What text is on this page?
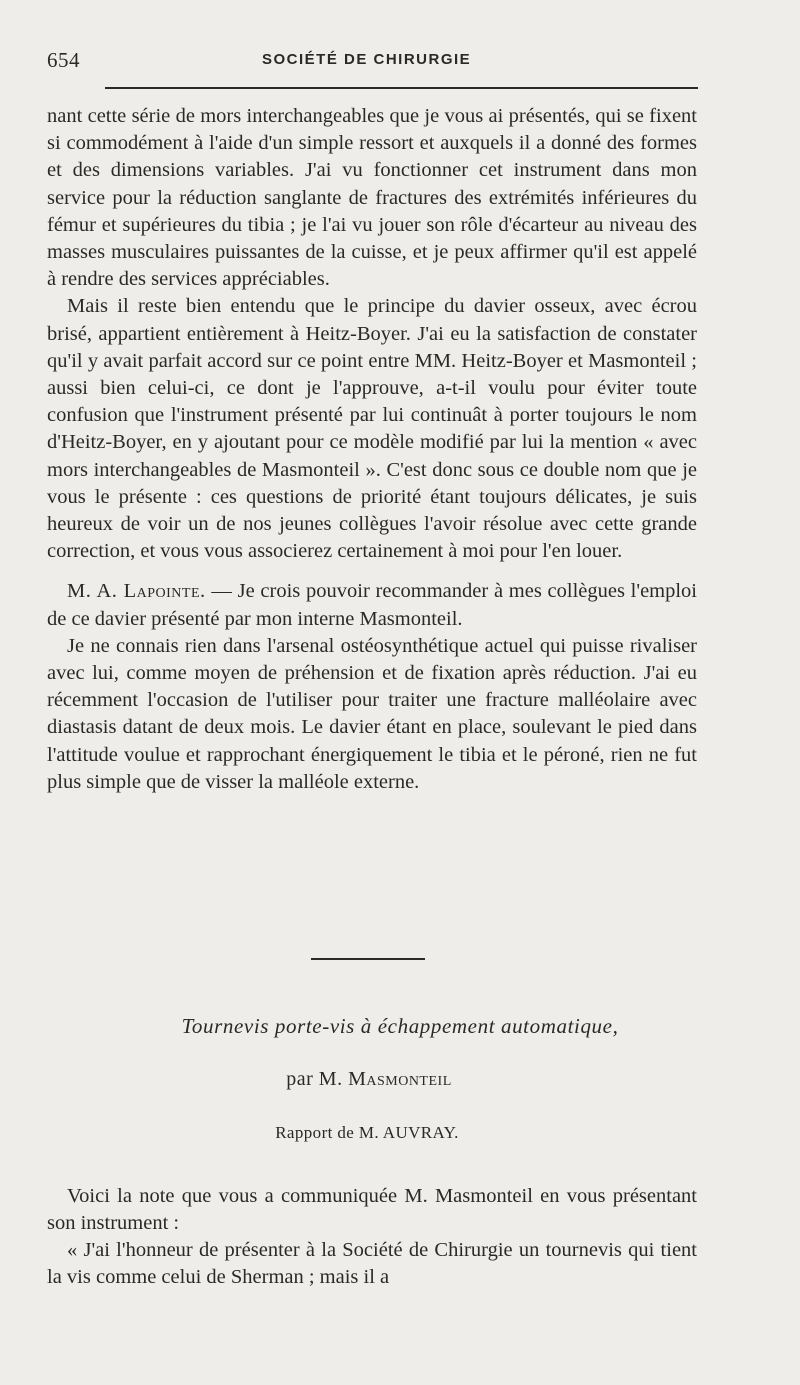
654	SOCIÉTÉ DE CHIRURGIE

nant cette série de mors interchangeables que je vous ai présentés, qui se fixent si commodément à l'aide d'un simple ressort et auxquels il a donné des formes et des dimensions variables. J'ai vu fonctionner cet instrument dans mon service pour la réduction sanglante de fractures des extrémités inférieures du fémur et supérieures du tibia ; je l'ai vu jouer son rôle d'écarteur au niveau des masses musculaires puissantes de la cuisse, et je peux affirmer qu'il est appelé à rendre des services appréciables.

Mais il reste bien entendu que le principe du davier osseux, avec écrou brisé, appartient entièrement à Heitz-Boyer. J'ai eu la satisfaction de constater qu'il y avait parfait accord sur ce point entre MM. Heitz-Boyer et Masmonteil ; aussi bien celui-ci, ce dont je l'approuve, a-t-il voulu pour éviter toute confusion que l'instrument présenté par lui continuât à porter toujours le nom d'Heitz-Boyer, en y ajoutant pour ce modèle modifié par lui la mention « avec mors interchangeables de Masmonteil ». C'est donc sous ce double nom que je vous le présente : ces questions de priorité étant toujours délicates, je suis heureux de voir un de nos jeunes collègues l'avoir résolue avec cette grande correction, et vous vous associerez certainement à moi pour l'en louer.

M. A. Lapointe. — Je crois pouvoir recommander à mes collègues l'emploi de ce davier présenté par mon interne Masmonteil.

Je ne connais rien dans l'arsenal ostéosynthétique actuel qui puisse rivaliser avec lui, comme moyen de préhension et de fixation après réduction. J'ai eu récemment l'occasion de l'utiliser pour traiter une fracture malléolaire avec diastasis datant de deux mois. Le davier étant en place, soulevant le pied dans l'attitude voulue et rapprochant énergiquement le tibia et le péroné, rien ne fut plus simple que de visser la malléole externe.

Tournevis porte-vis à échappement automatique,
par M. Masmonteil
Rapport de M. AUVRAY.

Voici la note que vous a communiquée M. Masmonteil en vous présentant son instrument :

« J'ai l'honneur de présenter à la Société de Chirurgie un tournevis qui tient la vis comme celui de Sherman ; mais il a
